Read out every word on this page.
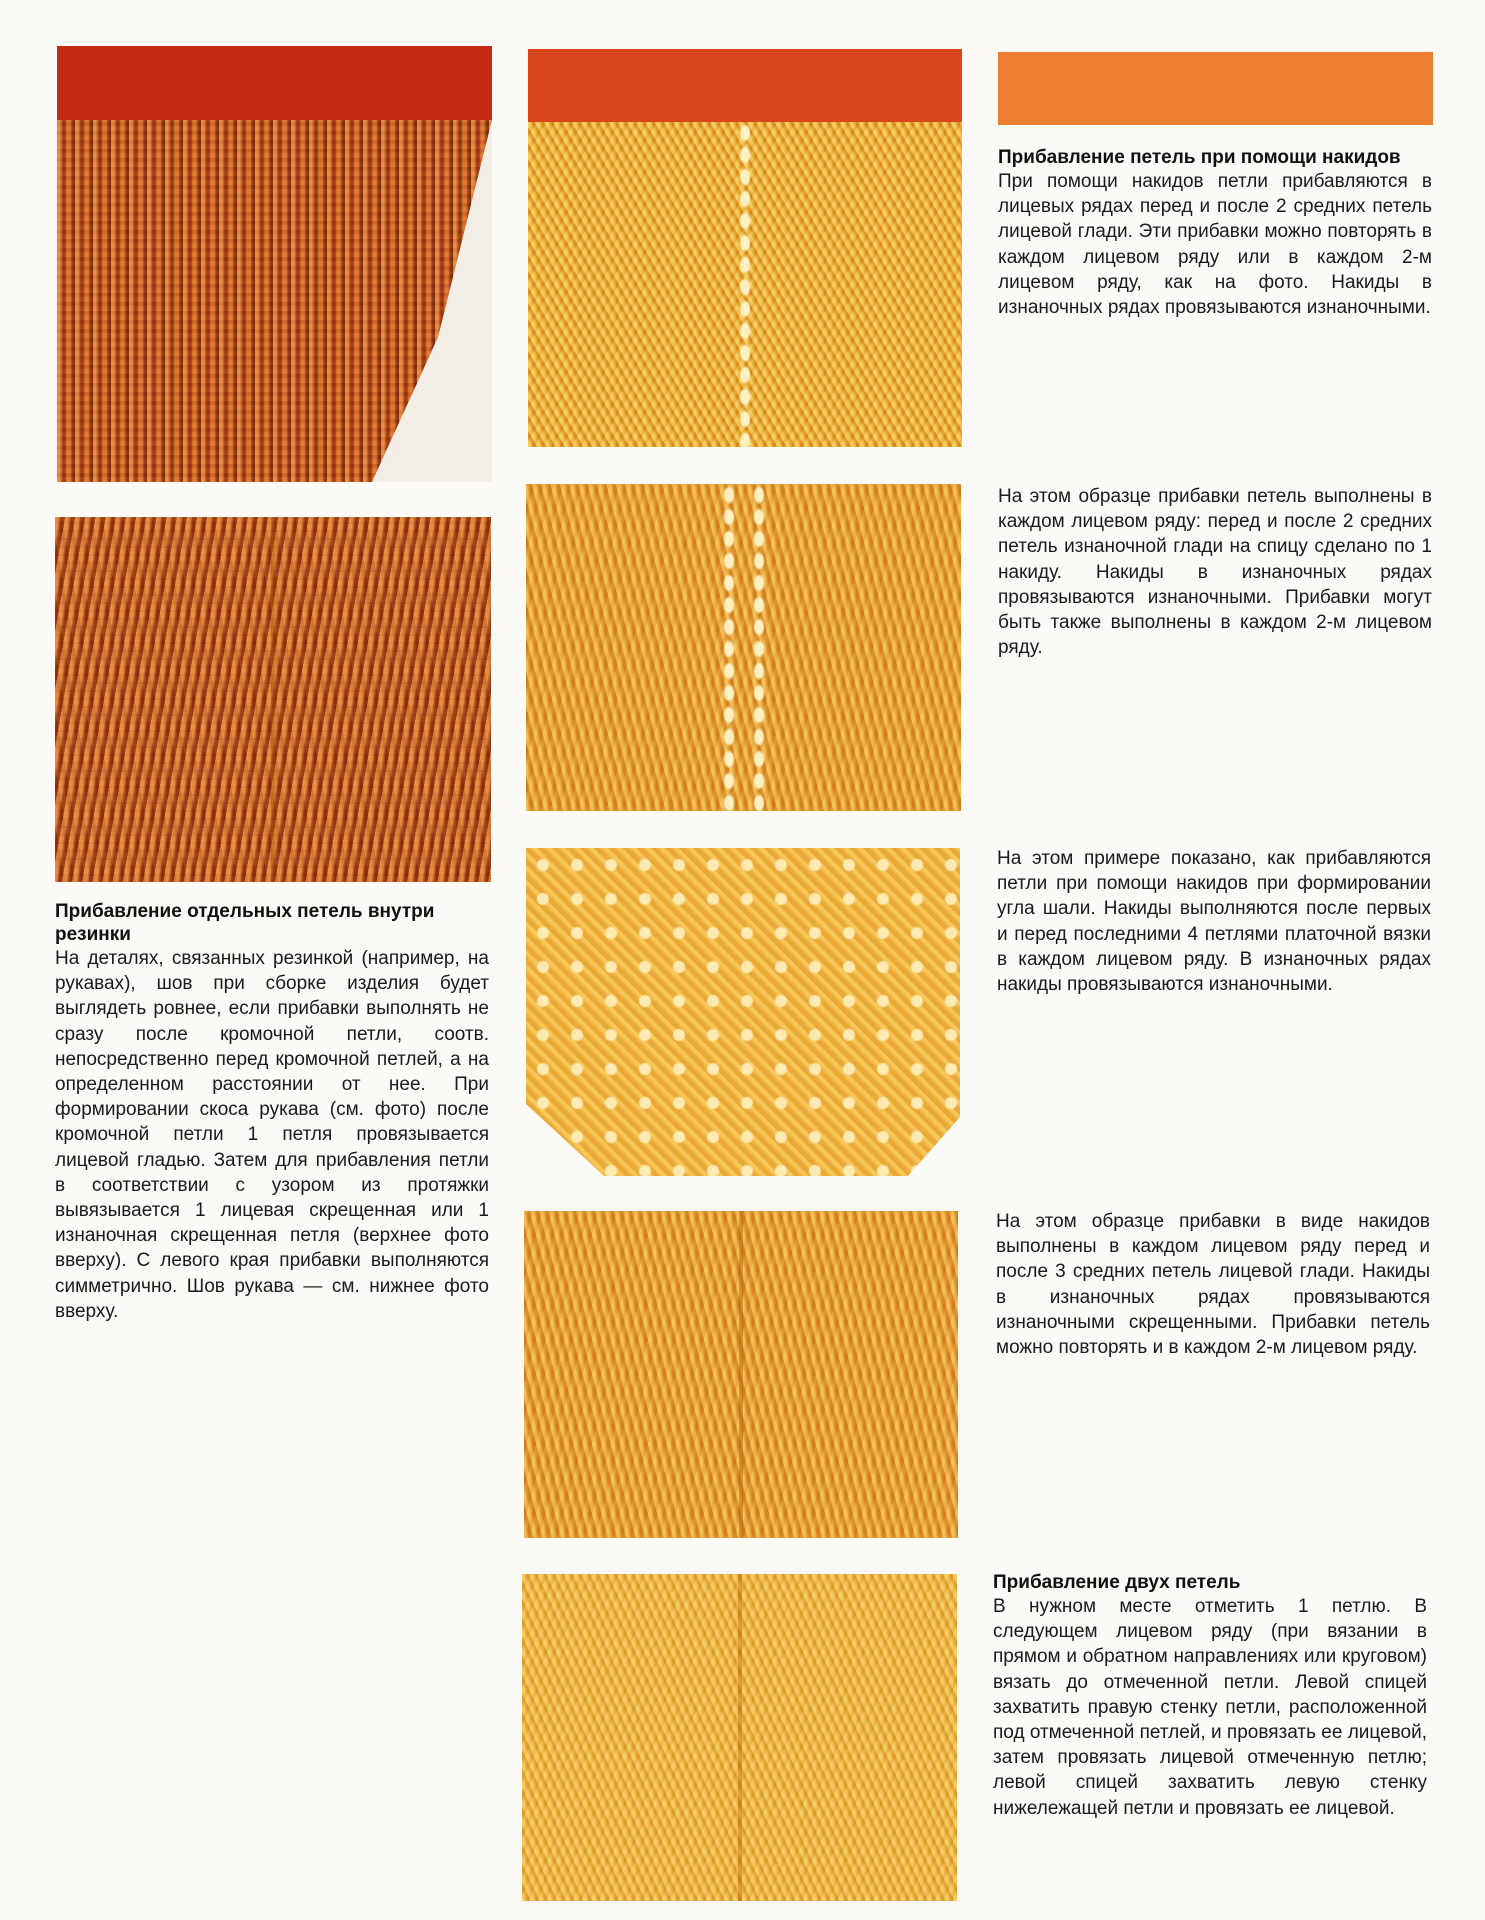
Прибавление отдельных петель внутри резинки

На деталях, связанных резинкой (например, на рукавах), шов при сборке изделия будет выглядеть ровнее, если прибавки выполнять не сразу после кромочной петли, соотв. непосредственно перед кромочной петлей, а на определенном расстоянии от нее. При формировании скоса рукава (см. фото) после кромочной петли 1 петля провязывается лицевой гладью. Затем для прибавления петли в соответствии с узором из протяжки вывязывается 1 лицевая скрещенная или 1 изнаночная скрещенная петля (верхнее фото вверху). С левого края прибавки выполняются симметрично. Шов рукава — см. нижнее фото вверху.

Прибавление петель при помощи накидов

При помощи накидов петли прибавляются в лицевых рядах перед и после 2 средних петель лицевой глади. Эти прибавки можно повторять в каждом лицевом ряду или в каждом 2-м лицевом ряду, как на фото. Накиды в изнаночных рядах провязываются изнаночными.

На этом образце прибавки петель выполнены в каждом лицевом ряду: перед и после 2 средних петель изнаночной глади на спицу сделано по 1 накиду. Накиды в изнаночных рядах провязываются изнаночными. Прибавки могут быть также выполнены в каждом 2-м лицевом ряду.

На этом примере показано, как прибавляются петли при помощи накидов при формировании угла шали. Накиды выполняются после первых и перед последними 4 петлями платочной вязки в каждом лицевом ряду. В изнаночных рядах накиды провязываются изнаночными.

На этом образце прибавки в виде накидов выполнены в каждом лицевом ряду перед и после 3 средних петель лицевой глади. Накиды в изнаночных рядах провязываются изнаночными скрещенными. Прибавки петель можно повторять и в каждом 2-м лицевом ряду.

Прибавление двух петель

В нужном месте отметить 1 петлю. В следующем лицевом ряду (при вязании в прямом и обратном направлениях или круговом) вязать до отмеченной петли. Левой спицей захватить правую стенку петли, расположенной под отмеченной петлей, и провязать ее лицевой, затем провязать лицевой отмеченную петлю; левой спицей захватить левую стенку нижележащей петли и провязать ее лицевой.
